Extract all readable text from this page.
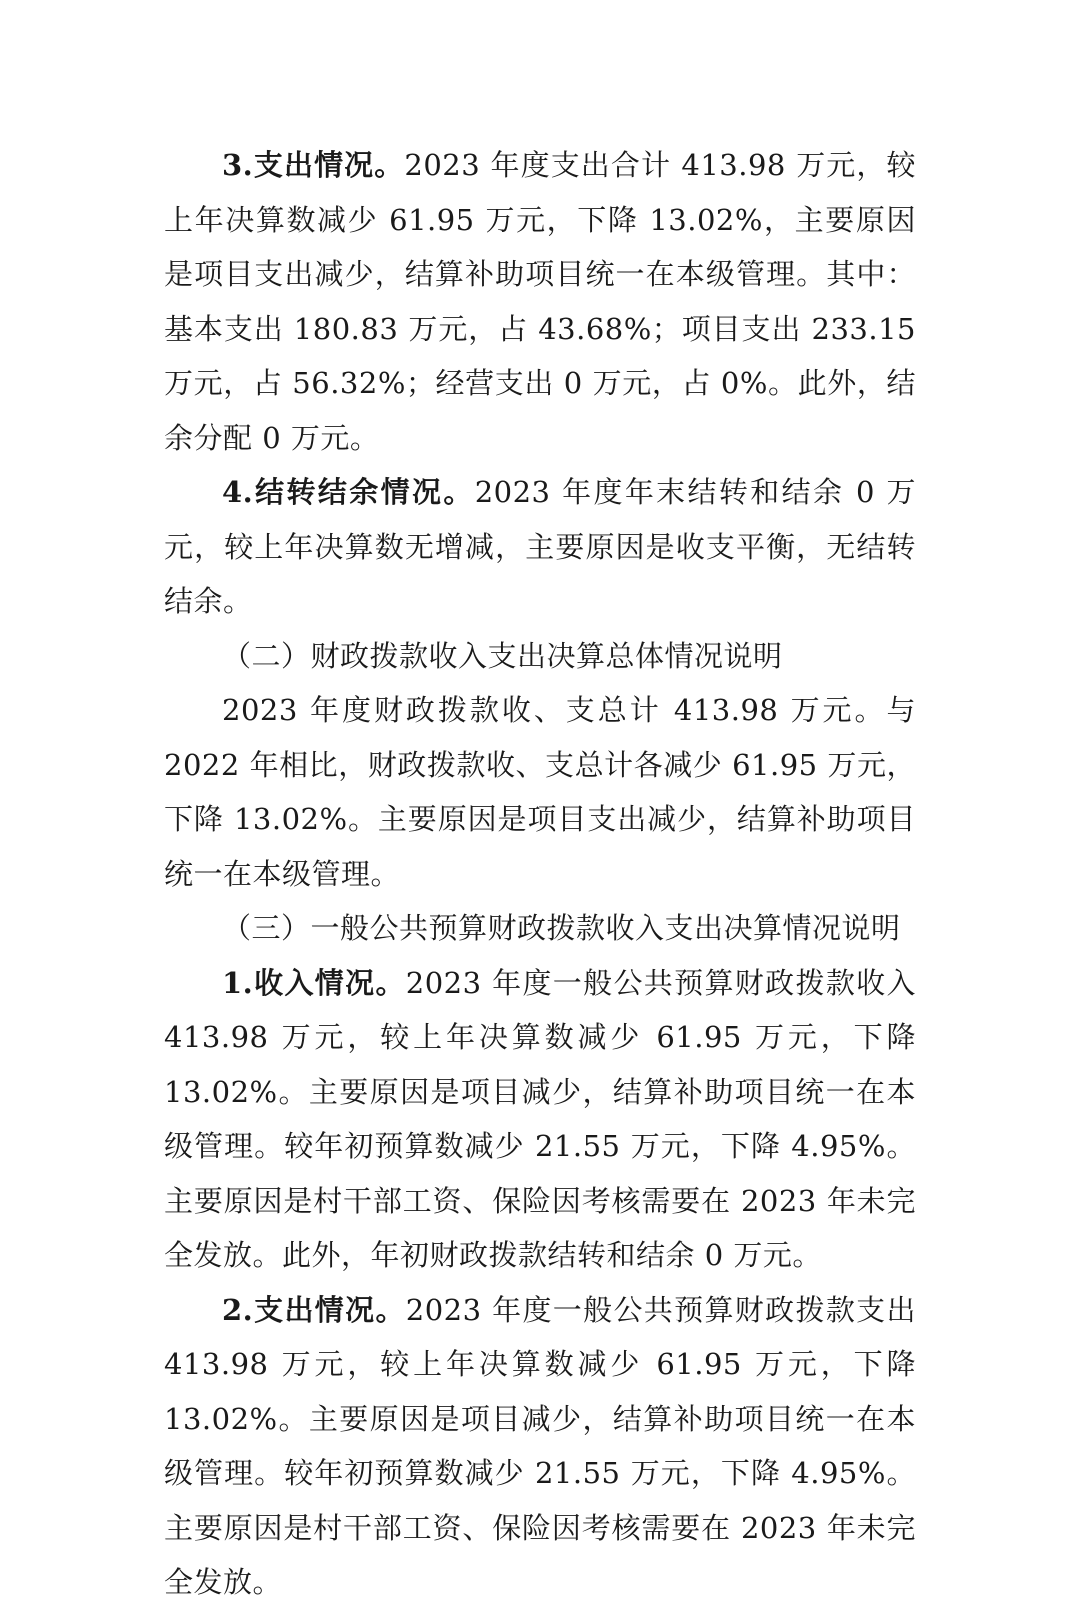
3.支出情况。2023 年度支出合计 413.98 万元，较上年决算数减少 61.95 万元，下降 13.02%，主要原因是项目支出减少，结算补助项目统一在本级管理。其中：基本支出 180.83 万元，占 43.68%；项目支出 233.15 万元，占 56.32%；经营支出 0 万元，占 0%。此外，结余分配 0 万元。

4.结转结余情况。2023 年度年末结转和结余 0 万元，较上年决算数无增减，主要原因是收支平衡，无结转结余。

（二）财政拨款收入支出决算总体情况说明

2023 年度财政拨款收、支总计 413.98 万元。与 2022 年相比，财政拨款收、支总计各减少 61.95 万元，下降 13.02%。主要原因是项目支出减少，结算补助项目统一在本级管理。

（三）一般公共预算财政拨款收入支出决算情况说明

1.收入情况。2023 年度一般公共预算财政拨款收入 413.98 万元，较上年决算数减少 61.95 万元，下降 13.02%。主要原因是项目减少，结算补助项目统一在本级管理。较年初预算数减少 21.55 万元，下降 4.95%。主要原因是村干部工资、保险因考核需要在 2023 年未完全发放。此外，年初财政拨款结转和结余 0 万元。

2.支出情况。2023 年度一般公共预算财政拨款支出 413.98 万元，较上年决算数减少 61.95 万元，下降 13.02%。主要原因是项目减少，结算补助项目统一在本级管理。较年初预算数减少 21.55 万元，下降 4.95%。主要原因是村干部工资、保险因考核需要在 2023 年未完全发放。
